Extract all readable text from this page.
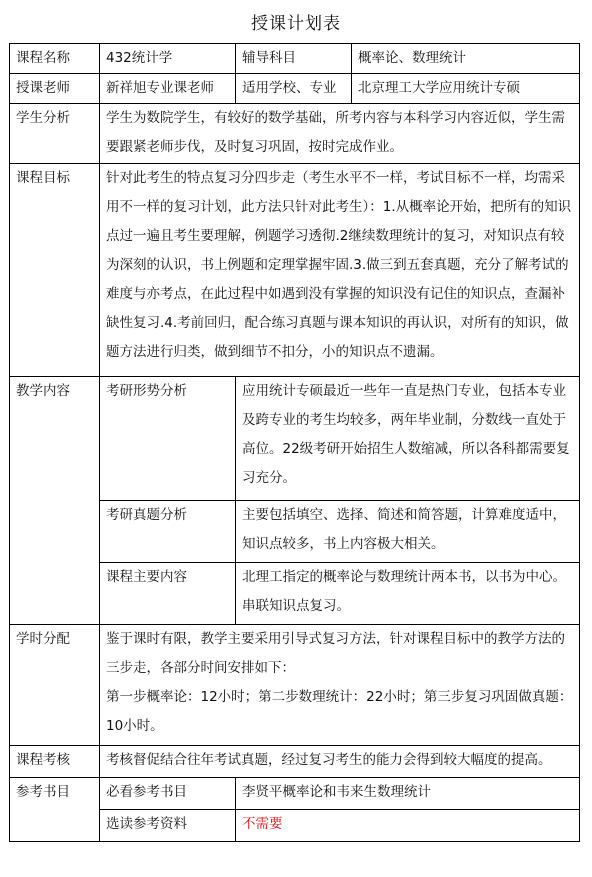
授课计划表
课程名称	432统计学	辅导科目	概率论、数理统计
授课老师	新祥旭专业课老师	适用学校、专业	北京理工大学应用统计专硕
学生分析	学生为数院学生，有较好的数学基础，所考内容与本科学习内容近似，学生需要跟紧老师步伐，及时复习巩固，按时完成作业。		
课程目标	针对此考生的特点复习分四步走（考生水平不一样，考试目标不一样，均需采用不一样的复习计划，此方法只针对此考生）：1.从概率论开始，把所有的知识点过一遍且考生要理解，例题学习透彻.2继续数理统计的复习，对知识点有较为深刻的认识，书上例题和定理掌握牢固.3.做三到五套真题，充分了解考试的难度与亦考点，在此过程中如遇到没有掌握的知识没有记住的知识点，查漏补缺性复习.4.考前回归，配合练习真题与课本知识的再认识，对所有的知识，做题方法进行归类，做到细节不扣分，小的知识点不遗漏。		
教学内容	考研形势分析	应用统计专硕最近一些年一直是热门专业，包括本专业及跨专业的考生均较多，两年毕业制，分数线一直处于高位。22级考研开始招生人数缩减，所以各科都需要复习充分。	
	考研真题分析	主要包括填空、选择、简述和简答题，计算难度适中，知识点较多，书上内容极大相关。	
	课程主要内容	北理工指定的概率论与数理统计两本书，以书为中心。串联知识点复习。	
学时分配	鉴于课时有限，教学主要采用引导式复习方法，针对课程目标中的教学方法的三步走，各部分时间安排如下：
第一步概率论：12小时；第二步数理统计：22小时；第三步复习巩固做真题：10小时。		

课程考核	考核督促结合往年考试真题，经过复习考生的能力会得到较大幅度的提高。		
参考书目	必看参考书目	李贤平概率论和韦来生数理统计	
	选读参考资料	不需要	
